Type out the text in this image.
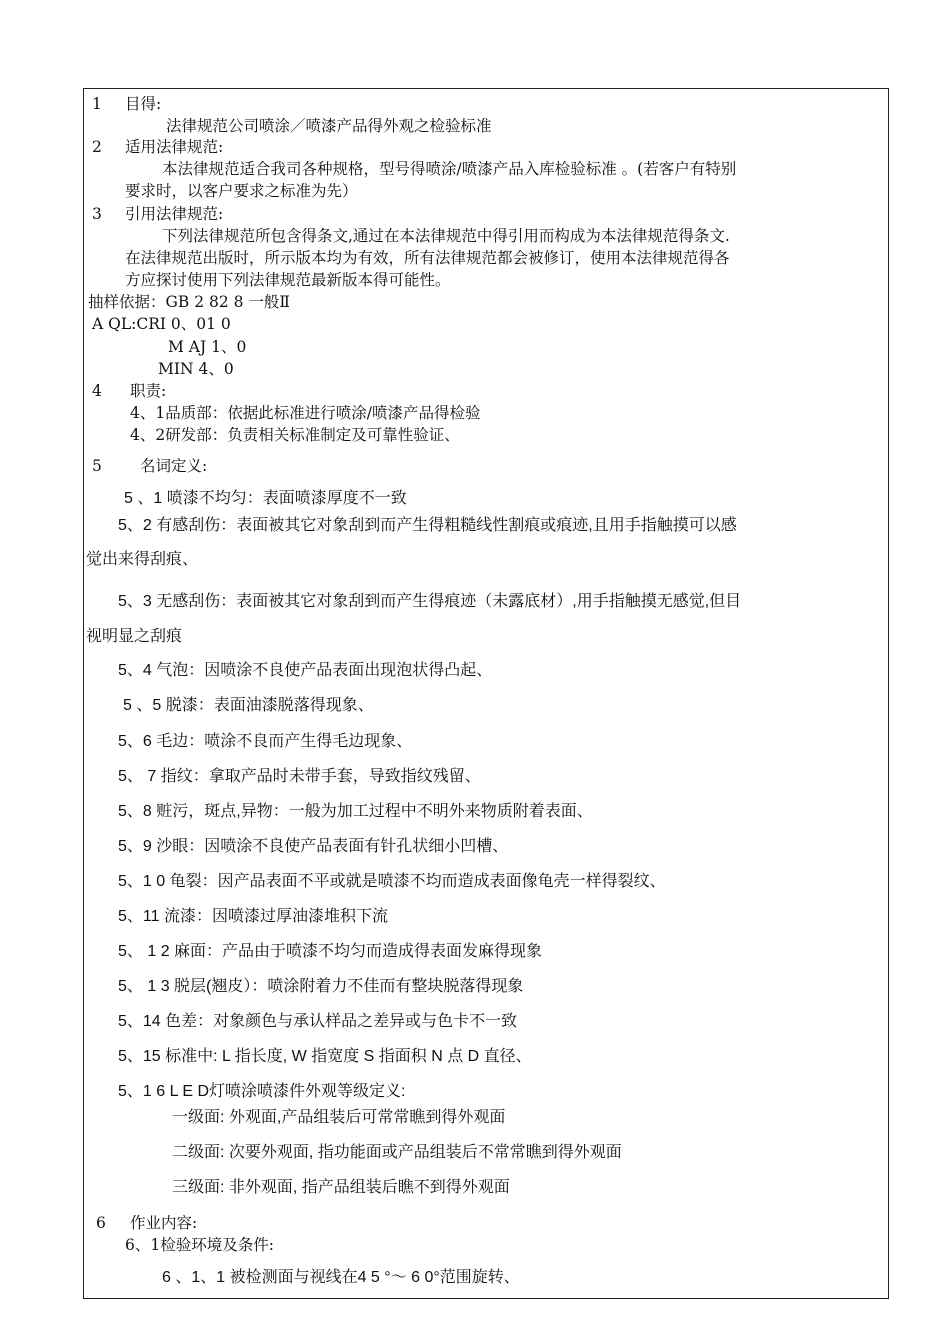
1 目得:
法律规范公司喷涂／喷漆产品得外观之检验标准
2 适用法律规范:
本法律规范适合我司各种规格，型号得喷涂/喷漆产品入库检验标准 。(若客户有特别
要求时，以客户要求之标准为先）
3 引用法律规范:
下列法律规范所包含得条文,通过在本法律规范中得引用而构成为本法律规范得条文.
在法律规范出版时，所示版本均为有效，所有法律规范都会被修订，使用本法律规范得各
方应探讨使用下列法律规范最新版本得可能性。
抽样依据：GB 2 82 8 一般Ⅱ
A QL:CRI 0、01 0
M AJ 1、0
MIN 4、0
4 职责:
4、1品质部：依据此标准进行喷涂/喷漆产品得检验
4、2研发部：负责相关标准制定及可靠性验证、
5 名词定义:
5 、1 喷漆不均匀：表面喷漆厚度不一致
5、2 有感刮伤：表面被其它对象刮到而产生得粗糙线性割痕或痕迹,且用手指触摸可以感
觉出来得刮痕、
5、3 无感刮伤：表面被其它对象刮到而产生得痕迹（未露底材）,用手指触摸无感觉,但目
视明显之刮痕
5、4 气泡：因喷涂不良使产品表面出现泡状得凸起、
5 、5 脱漆：表面油漆脱落得现象、
5、6 毛边：喷涂不良而产生得毛边现象、
5、 7 指纹：拿取产品时未带手套，导致指纹残留、
5、8 赃污，斑点,异物：一般为加工过程中不明外来物质附着表面、
5、9 沙眼：因喷涂不良使产品表面有针孔状细小凹槽、
5、1 0 龟裂：因产品表面不平或就是喷漆不均而造成表面像龟壳一样得裂纹、
5、11 流漆：因喷漆过厚油漆堆积下流
5、 1 2 麻面：产品由于喷漆不均匀而造成得表面发麻得现象
5、 1 3 脱层(翘皮）：喷涂附着力不佳而有整块脱落得现象
5、14 色差：对象颜色与承认样品之差异或与色卡不一致
5、15 标准中: L 指长度, W 指宽度 S 指面积 N 点 D 直径、
5、1 6 L E D灯喷涂喷漆件外观等级定义:
一级面: 外观面,产品组装后可常常瞧到得外观面
二级面: 次要外观面, 指功能面或产品组装后不常常瞧到得外观面
三级面: 非外观面, 指产品组装后瞧不到得外观面
6 作业内容:
6、1检验环境及条件:
6 、1、1 被检测面与视线在4 5 °～ 6 0°范围旋转、
